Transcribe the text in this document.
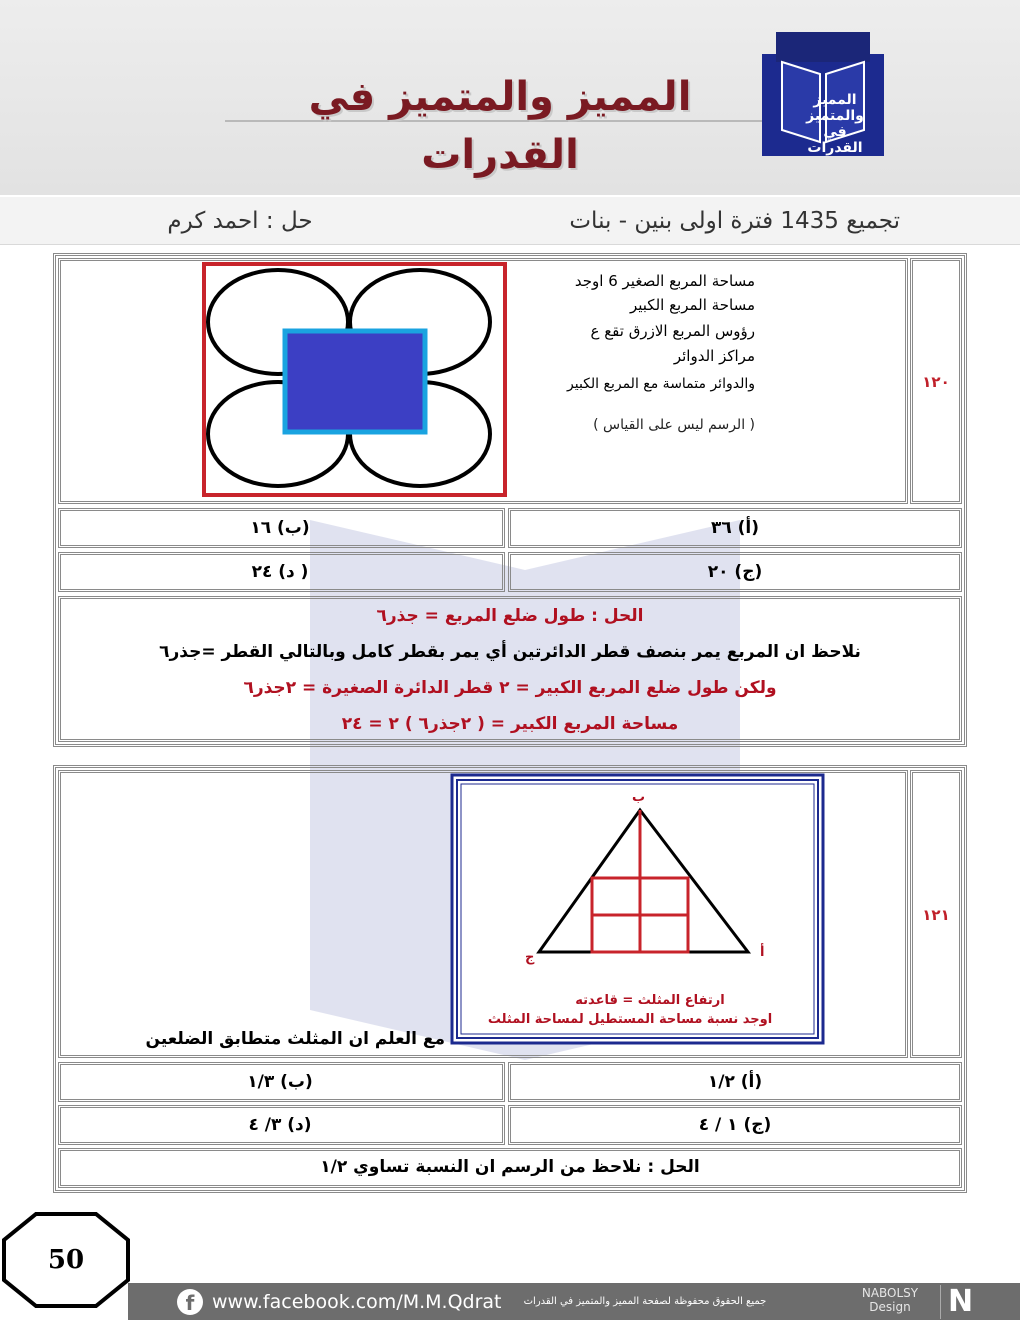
المميز والمتميز في القدرات
المميز والمتميز في القدرات
حل : احمد كرم	تجميع 1435 فترة اولى بنين - بنات
١٢٠
مساحة المربع الصغير 6 اوجد
مساحة المربع الكبير
رؤوس المربع الازرق تقع ع
مراكز الدوائر
والدوائر متماسة مع المربع الكبير
( الرسم ليس على القياس )
(ب) ١٦	(أ) ٣٦
( د) ٢٤	(ج) ٢٠
الحل : طول ضلع المربع = جذر٦
نلاحظ ان المربع يمر بنصف قطر الدائرتين أي يمر بقطر كامل وبالتالي القطر =جذر٦
ولكن طول ضلع المربع الكبير = ٢ قطر الدائرة الصغيرة = ٢جذر٦
مساحة المربع الكبير = ( ٢جذر٦ ) ٢ = ٢٤
١٢١
ب
ج	أ
ارتفاع المثلث = قاعدته
اوجد نسبة مساحة المستطيل لمساحة المثلث
مع العلم ان المثلث متطابق الضلعين
(ب) ١/٣	(أ) ١/٢
(د) ٣/ ٤	(ج) ١ / ٤
الحل : نلاحظ من الرسم ان النسبة تساوي ١/٢
50
f www.facebook.com/M.M.Qdrat	جميع الحقوق محفوظة لصفحة المميز والمتميز في القدرات
NABOLSY
Design	N
